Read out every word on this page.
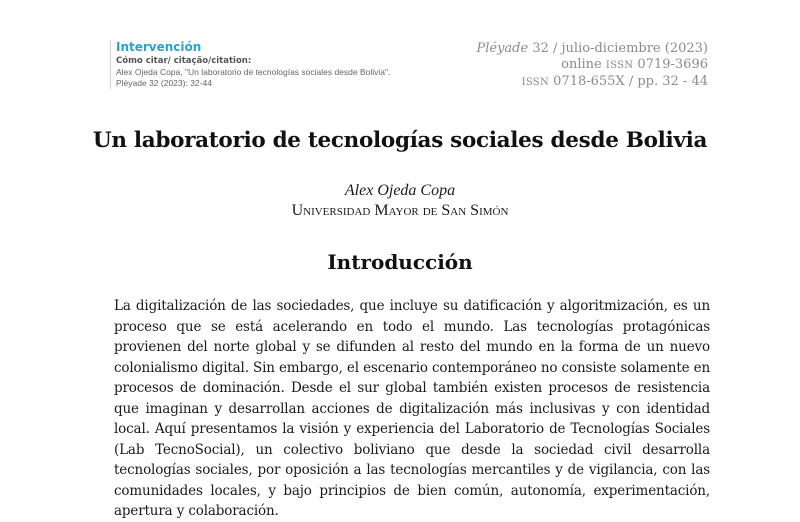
Intervención
Cómo citar/ citação/citation:
Alex Ojeda Copa, "Un laboratorio de tecnologías sociales desde Bolivia". Pléyade 32 (2023): 32-44
Pléyade 32 / julio-diciembre (2023)
online ISSN 0719-3696
ISSN 0718-655X / pp. 32 - 44
Un laboratorio de tecnologías sociales desde Bolivia
Alex Ojeda Copa
Universidad Mayor de San Simón
Introducción

La digitalización de las sociedades, que incluye su datificación y algoritmización, es un proceso que se está acelerando en todo el mundo. Las tecnologías protagónicas provienen del norte global y se difunden al resto del mundo en la forma de un nuevo colonialismo digital. Sin embargo, el escenario contemporáneo no consiste solamente en procesos de dominación. Desde el sur global también existen procesos de resistencia que imaginan y desarrollan acciones de digitalización más inclusivas y con identidad local. Aquí presentamos la visión y experiencia del Laboratorio de Tecnologías Sociales (Lab TecnoSocial), un colectivo boliviano que desde la sociedad civil desarrolla tecnologías sociales, por oposición a las tecnologías mercantiles y de vigilancia, con las comunidades locales, y bajo principios de bien común, autonomía, experimentación, apertura y colaboración.
